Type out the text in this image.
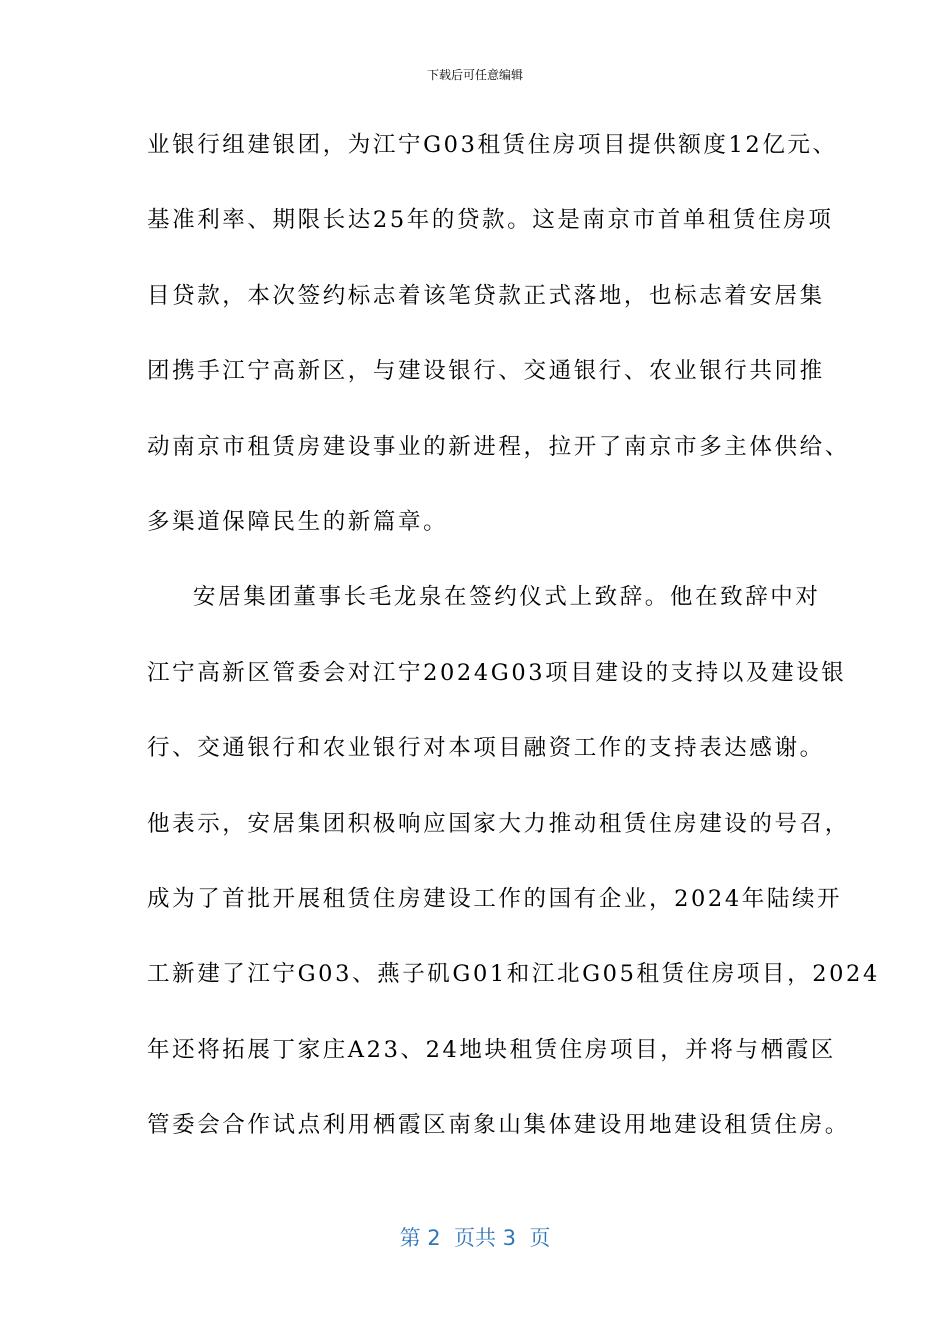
下载后可任意编辑
业银行组建银团，为江宁G03租赁住房项目提供额度12亿元、
基准利率、期限长达25年的贷款。这是南京市首单租赁住房项
目贷款，本次签约标志着该笔贷款正式落地，也标志着安居集
团携手江宁高新区，与建设银行、交通银行、农业银行共同推
动南京市租赁房建设事业的新进程，拉开了南京市多主体供给、
多渠道保障民生的新篇章。
安居集团董事长毛龙泉在签约仪式上致辞。他在致辞中对
江宁高新区管委会对江宁2024G03项目建设的支持以及建设银
行、交通银行和农业银行对本项目融资工作的支持表达感谢。
他表示，安居集团积极响应国家大力推动租赁住房建设的号召，
成为了首批开展租赁住房建设工作的国有企业，2024年陆续开
工新建了江宁G03、燕子矶G01和江北G05租赁住房项目，2024
年还将拓展丁家庄A23、24地块租赁住房项目，并将与栖霞区
管委会合作试点利用栖霞区南象山集体建设用地建设租赁住房。
第 2  页共 3  页
